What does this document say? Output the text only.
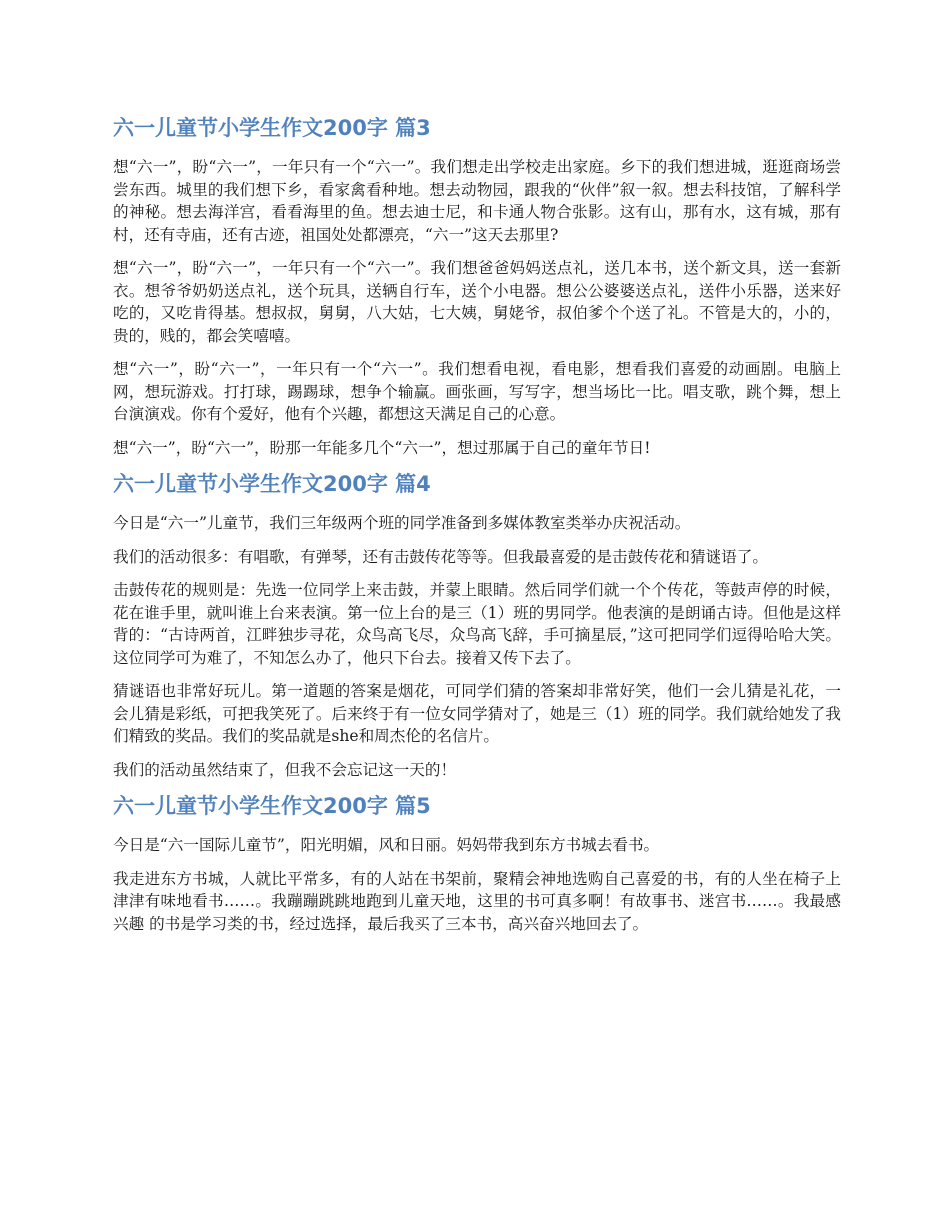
六一儿童节小学生作文200字 篇3

想“六一”，盼“六一”，一年只有一个“六一”。我们想走出学校走出家庭。乡下的我们想进城，逛逛商场尝尝东西。城里的我们想下乡，看家禽看种地。想去动物园，跟我的“伙伴”叙一叙。想去科技馆，了解科学的神秘。想去海洋宫，看看海里的鱼。想去迪士尼，和卡通人物合张影。这有山，那有水，这有城，那有村，还有寺庙，还有古迹，祖国处处都漂亮，“六一”这天去那里?

想“六一”，盼“六一”，一年只有一个“六一”。我们想爸爸妈妈送点礼，送几本书，送个新文具，送一套新衣。想爷爷奶奶送点礼，送个玩具，送辆自行车，送个小电器。想公公婆婆送点礼，送件小乐器，送来好吃的，又吃肯得基。想叔叔，舅舅，八大姑，七大姨，舅姥爷，叔伯爹个个送了礼。不管是大的，小的，贵的，贱的，都会笑嘻嘻。

想“六一”，盼“六一”，一年只有一个“六一”。我们想看电视，看电影，想看我们喜爱的动画剧。电脑上网，想玩游戏。打打球，踢踢球，想争个输赢。画张画，写写字，想当场比一比。唱支歌，跳个舞，想上台演演戏。你有个爱好，他有个兴趣，都想这天满足自己的心意。

想“六一”，盼“六一”，盼那一年能多几个“六一”，想过那属于自己的童年节日!

六一儿童节小学生作文200字 篇4

今日是“六一”儿童节，我们三年级两个班的同学准备到多媒体教室类举办庆祝活动。

我们的活动很多：有唱歌，有弹琴，还有击鼓传花等等。但我最喜爱的是击鼓传花和猜谜语了。

击鼓传花的规则是：先选一位同学上来击鼓，并蒙上眼睛。然后同学们就一个个传花，等鼓声停的时候，花在谁手里，就叫谁上台来表演。第一位上台的是三（1）班的男同学。他表演的是朗诵古诗。但他是这样背的：“古诗两首，江畔独步寻花，众鸟高飞尽，众鸟高飞辞，手可摘星辰，”这可把同学们逗得哈哈大笑。这位同学可为难了，不知怎么办了，他只下台去。接着又传下去了。

猜谜语也非常好玩儿。第一道题的答案是烟花，可同学们猜的答案却非常好笑，他们一会儿猜是礼花，一会儿猜是彩纸，可把我笑死了。后来终于有一位女同学猜对了，她是三（1）班的同学。我们就给她发了我们精致的奖品。我们的奖品就是she和周杰伦的名信片。

我们的活动虽然结束了，但我不会忘记这一天的！

六一儿童节小学生作文200字 篇5

今日是“六一国际儿童节”，阳光明媚，风和日丽。妈妈带我到东方书城去看书。

我走进东方书城，人就比平常多，有的人站在书架前，聚精会神地选购自己喜爱的书，有的人坐在椅子上津津有味地看书……。我蹦蹦跳跳地跑到儿童天地，这里的书可真多啊！有故事书、迷宫书……。我最感兴趣 的书是学习类的书，经过选择，最后我买了三本书，高兴奋兴地回去了。
